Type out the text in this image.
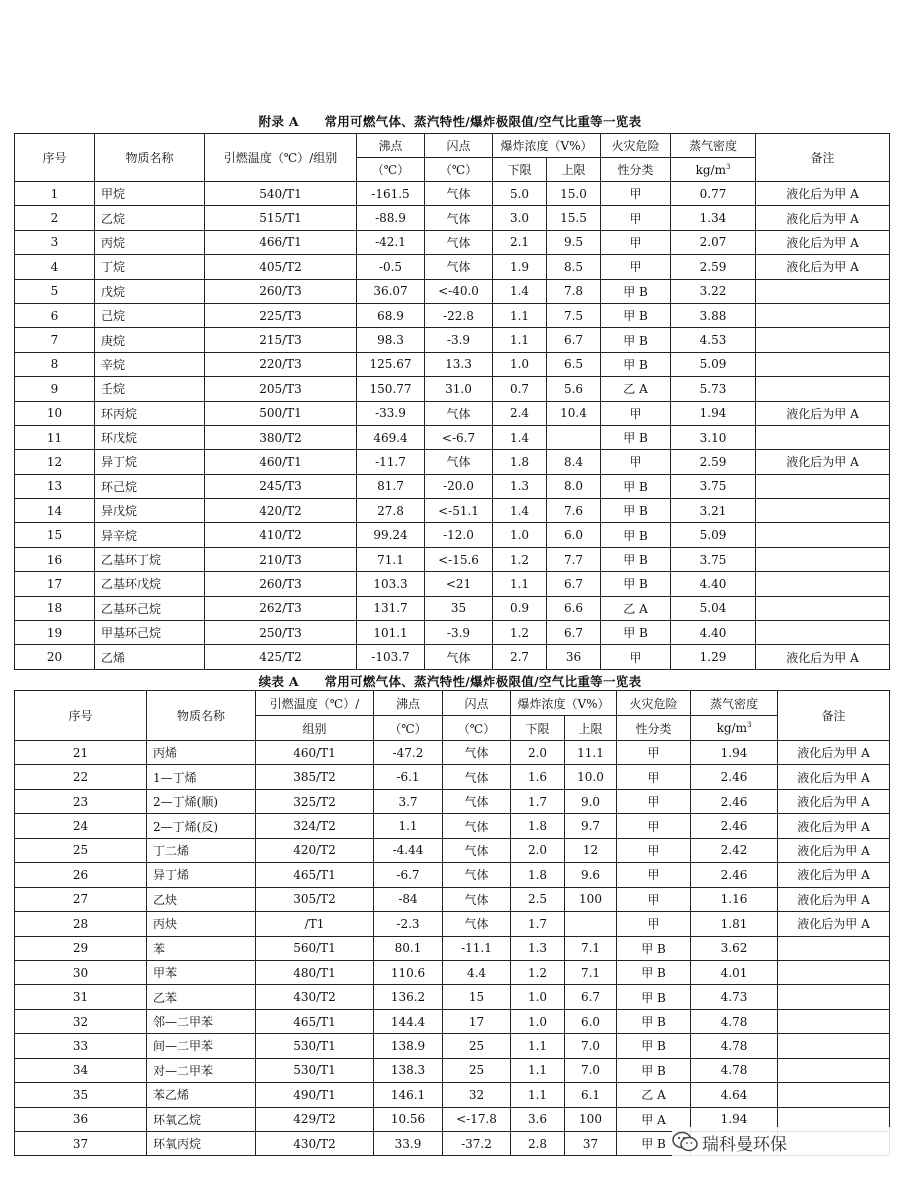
附录 A　　常用可燃气体、蒸汽特性/爆炸极限值/空气比重等一览表
序号	物质名称	引燃温度（℃）/组别	沸点	闪点	爆炸浓度（V%）		火灾危险	蒸气密度	备注
			（℃）	（℃）	下限	上限	性分类	$kg/m^3$
1	甲烷	540/T1	-161.5	气体	5.0	15.0	甲	0.77	液化后为甲 A
2	乙烷	515/T1	-88.9	气体	3.0	15.5	甲	1.34	液化后为甲 A
3	丙烷	466/T1	-42.1	气体	2.1	9.5	甲	2.07	液化后为甲 A
4	丁烷	405/T2	-0.5	气体	1.9	8.5	甲	2.59	液化后为甲 A
5	戊烷	260/T3	36.07	<-40.0	1.4	7.8	甲 B	3.22	
6	己烷	225/T3	68.9	-22.8	1.1	7.5	甲 B	3.88	
7	庚烷	215/T3	98.3	-3.9	1.1	6.7	甲 B	4.53	
8	辛烷	220/T3	125.67	13.3	1.0	6.5	甲 B	5.09	
9	壬烷	205/T3	150.77	31.0	0.7	5.6	乙 A	5.73	
10	环丙烷	500/T1	-33.9	气体	2.4	10.4	甲	1.94	液化后为甲 A
11	环戊烷	380/T2	469.4	<-6.7	1.4		甲 B	3.10	
12	异丁烷	460/T1	-11.7	气体	1.8	8.4	甲	2.59	液化后为甲 A
13	环己烷	245/T3	81.7	-20.0	1.3	8.0	甲 B	3.75	
14	异戊烷	420/T2	27.8	<-51.1	1.4	7.6	甲 B	3.21	
15	异辛烷	410/T2	99.24	-12.0	1.0	6.0	甲 B	5.09	
16	乙基环丁烷	210/T3	71.1	<-15.6	1.2	7.7	甲 B	3.75	
17	乙基环戊烷	260/T3	103.3	<21	1.1	6.7	甲 B	4.40	
18	乙基环己烷	262/T3	131.7	35	0.9	6.6	乙 A	5.04	
19	甲基环己烷	250/T3	101.1	-3.9	1.2	6.7	甲 B	4.40	
20	乙烯	425/T2	-103.7	气体	2.7	36	甲	1.29	液化后为甲 A
续表 A　　常用可燃气体、蒸汽特性/爆炸极限值/空气比重等一览表
序号	物质名称	引燃温度（℃）/	沸点	闪点	爆炸浓度（V%）		火灾危险	蒸气密度	备注
		组别	（℃）	（℃）	下限	上限	性分类	$kg/m^3$
21	丙烯	460/T1	-47.2	气体	2.0	11.1	甲	1.94	液化后为甲 A
22	1—丁烯	385/T2	-6.1	气体	1.6	10.0	甲	2.46	液化后为甲 A
23	2—丁烯(顺)	325/T2	3.7	气体	1.7	9.0	甲	2.46	液化后为甲 A
24	2—丁烯(反)	324/T2	1.1	气体	1.8	9.7	甲	2.46	液化后为甲 A
25	丁二烯	420/T2	-4.44	气体	2.0	12	甲	2.42	液化后为甲 A
26	异丁烯	465/T1	-6.7	气体	1.8	9.6	甲	2.46	液化后为甲 A
27	乙炔	305/T2	-84	气体	2.5	100	甲	1.16	液化后为甲 A
28	丙炔	/T1	-2.3	气体	1.7		甲	1.81	液化后为甲 A
29	苯	560/T1	80.1	-11.1	1.3	7.1	甲 B	3.62	
30	甲苯	480/T1	110.6	4.4	1.2	7.1	甲 B	4.01	
31	乙苯	430/T2	136.2	15	1.0	6.7	甲 B	4.73	
32	邻—二甲苯	465/T1	144.4	17	1.0	6.0	甲 B	4.78	
33	间—二甲苯	530/T1	138.9	25	1.1	7.0	甲 B	4.78	
34	对—二甲苯	530/T1	138.3	25	1.1	7.0	甲 B	4.78	
35	苯乙烯	490/T1	146.1	32	1.1	6.1	乙 A	4.64	
36	环氧乙烷	429/T2	10.56	<-17.8	3.6	100	甲 A	1.94	
37	环氧丙烷	430/T2	33.9	-37.2	2.8	37	甲 B		瑞科曼环保
